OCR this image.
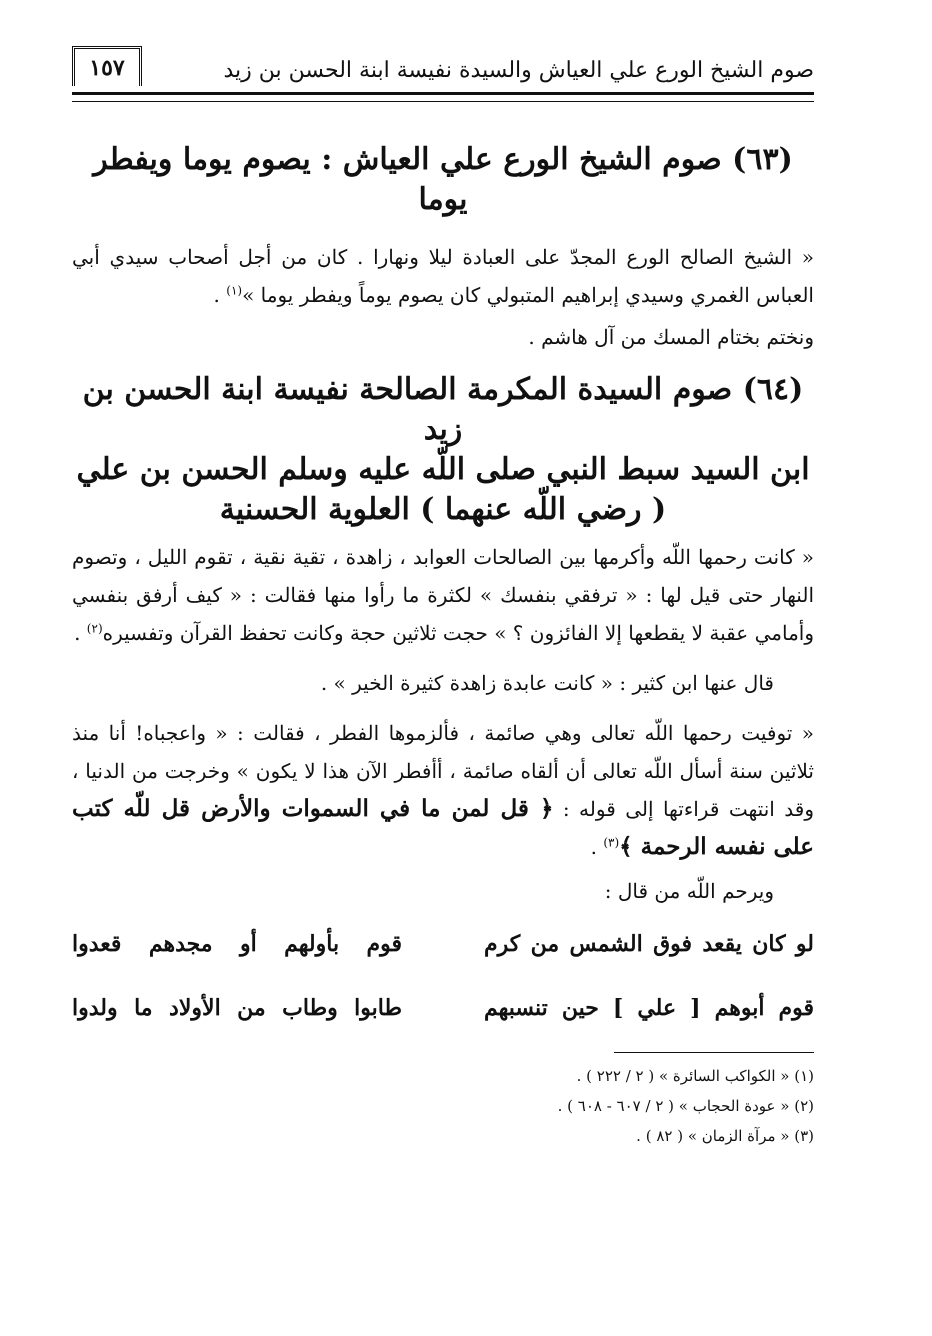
صوم الشيخ الورع علي العياش والسيدة نفيسة ابنة الحسن بن زيد
١٥٧
(٦٣) صوم الشيخ الورع علي العياش : يصوم يوما ويفطر يوما

« الشيخ الصالح الورع المجدّ على العبادة ليلا ونهارا . كان من أجل أصحاب سيدي أبي العباس الغمري وسيدي إبراهيم المتبولي كان يصوم يوماً ويفطر يوما »$^{(١)}$ .

ونختم بختام المسك من آل هاشم .

(٦٤) صوم السيدة المكرمة الصالحة نفيسة ابنة الحسن بن زيد
ابن السيد سبط النبي صلى اللّه عليه وسلم الحسن بن علي
( رضي اللّه عنهما ) العلوية الحسنية

« كانت رحمها اللّه وأكرمها بين الصالحات العوابد ، زاهدة ، تقية نقية ، تقوم الليل ، وتصوم النهار حتى قيل لها : « ترفقي بنفسك » لكثرة ما رأوا منها فقالت : « كيف أرفق بنفسي وأمامي عقبة لا يقطعها إلا الفائزون ؟ » حجت ثلاثين حجة وكانت تحفظ القرآن وتفسيره$^{(٢)}$ .

قال عنها ابن كثير : « كانت عابدة زاهدة كثيرة الخير » .

« توفيت رحمها اللّه تعالى وهي صائمة ، فألزموها الفطر ، فقالت : « واعجباه! أنا منذ ثلاثين سنة أسأل اللّه تعالى أن ألقاه صائمة ، أأفطر الآن هذا لا يكون » وخرجت من الدنيا ، وقد انتهت قراءتها إلى قوله : ﴿ قل لمن ما في السموات والأرض قل للّه كتب على نفسه الرحمة ﴾$^{(٣)}$ .

ويرحم اللّه من قال :

لو كان يقعد فوق الشمس من كرم
قوم بأولهم أو مجدهم قعدوا
قوم أبوهم [ علي ] حين تنسبهم
طابوا وطاب من الأولاد ما ولدوا
(١) « الكواكب السائرة » ( ٢ / ٢٢٢ ) .
(٢) « عودة الحجاب » ( ٢ / ٦٠٧ - ٦٠٨ ) .
(٣) « مرآة الزمان » ( ٨٢ ) .
